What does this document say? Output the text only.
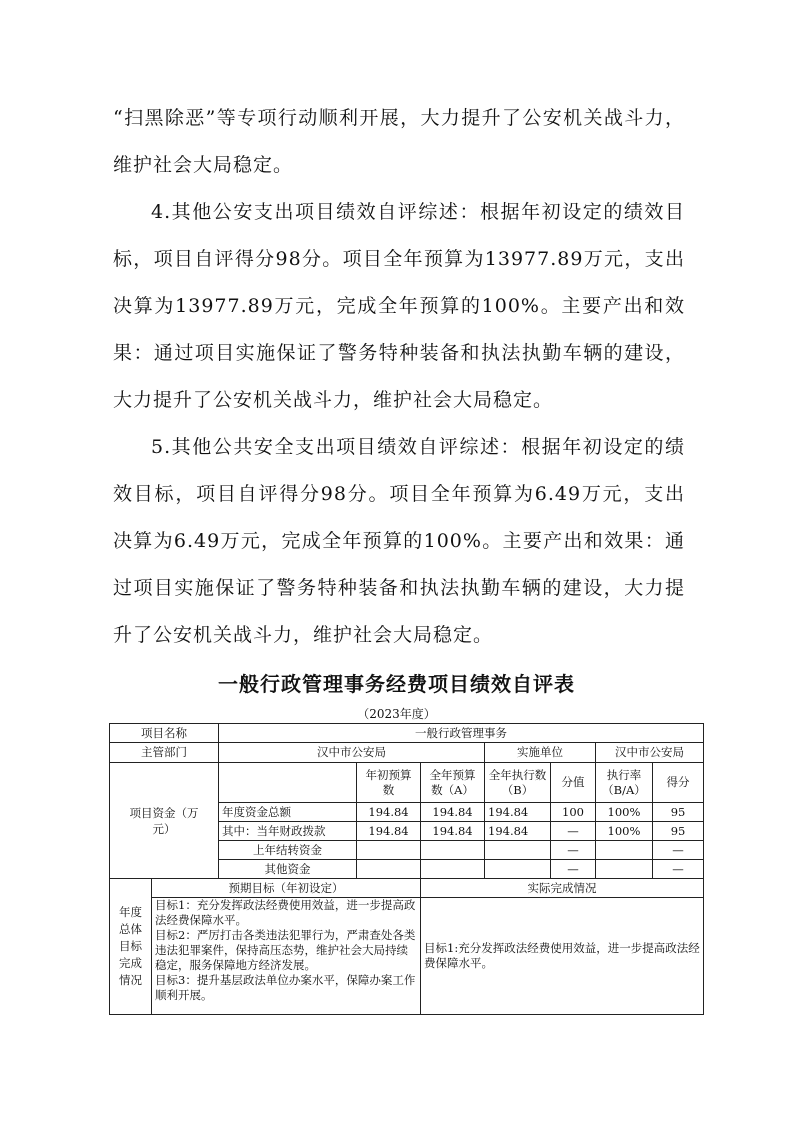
“扫黑除恶”等专项行动顺利开展，大力提升了公安机关战斗力，维护社会大局稳定。

4.其他公安支出项目绩效自评综述：根据年初设定的绩效目标，项目自评得分98分。项目全年预算为13977.89万元，支出决算为13977.89万元，完成全年预算的100%。主要产出和效果：通过项目实施保证了警务特种装备和执法执勤车辆的建设，大力提升了公安机关战斗力，维护社会大局稳定。

5.其他公共安全支出项目绩效自评综述：根据年初设定的绩效目标，项目自评得分98分。项目全年预算为6.49万元，支出决算为6.49万元，完成全年预算的100%。主要产出和效果：通过项目实施保证了警务特种装备和执法执勤车辆的建设，大力提升了公安机关战斗力，维护社会大局稳定。

一般行政管理事务经费项目绩效自评表

（2023年度）

项目名称		一般行政管理事务						
主管部门		汉中市公安局			实施单位		汉中市公安局	

项目资金（万元）			年初预算数	全年预算数（A）	全年执行数（B）	分值	执行率（B/A）	得分
		年度资金总额	194.84	194.84	194.84	100	100%	95
		其中：当年财政拨款	194.84	194.84	194.84	—	100%	95
		上年结转资金				—		—
		其他资金				—		—

年度总体目标完成情况	预期目标（年初设定）			实际完成情况				

	目标1：充分发挥政法经费使用效益，进一步提高政法经费保障水平。
目标2：严厉打击各类违法犯罪行为，严肃查处各类违法犯罪案件，保持高压态势，维护社会大局持续稳定，服务保障地方经济发展。
目标3：提升基层政法单位办案水平，保障办案工作顺利开展。			目标1:充分发挥政法经费使用效益，进一步提高政法经费保障水平。				
